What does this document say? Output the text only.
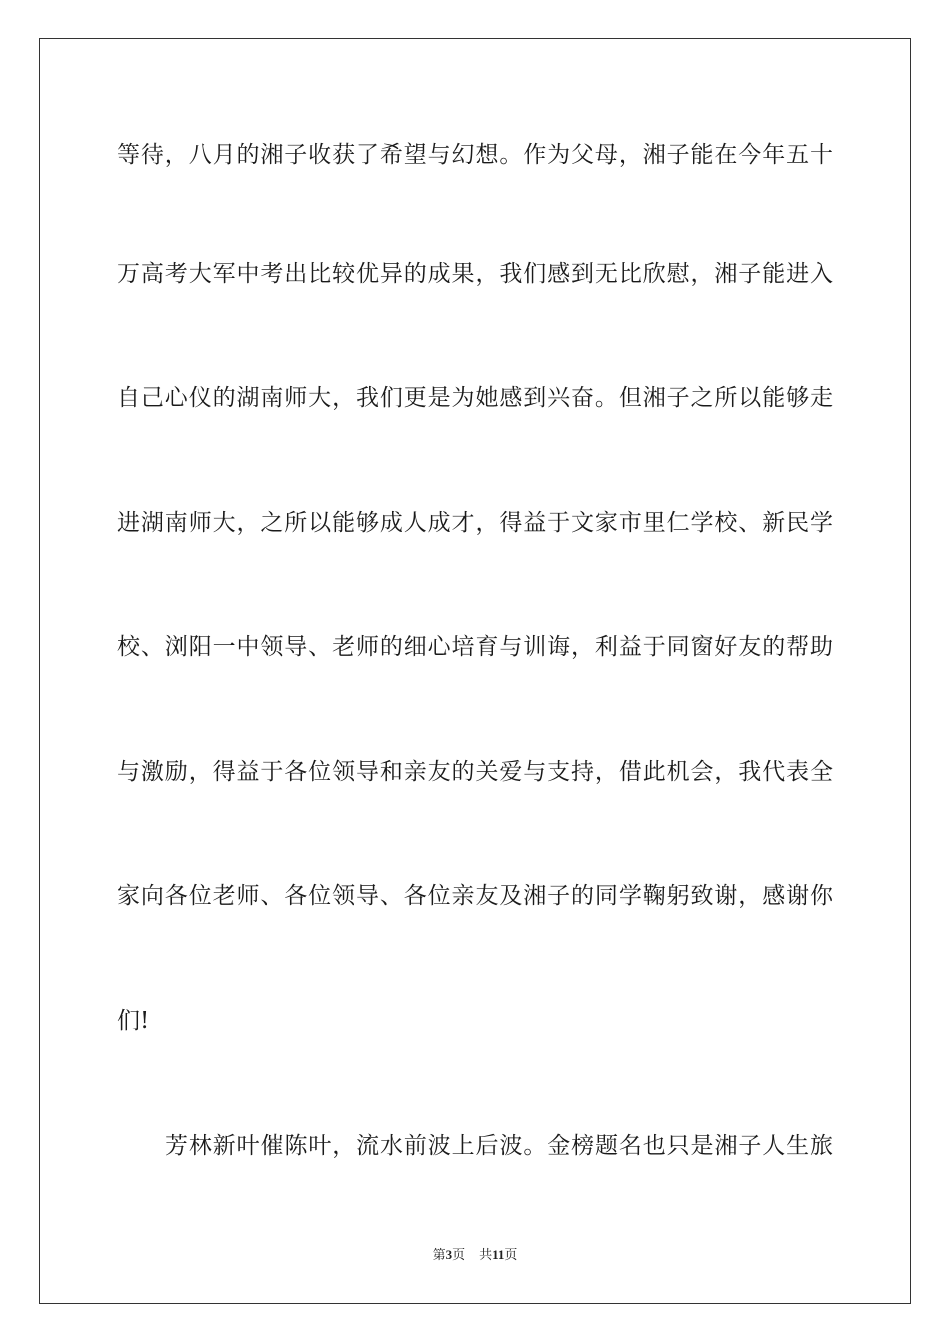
等待，八月的湘子收获了希望与幻想。作为父母，湘子能在今年五十
万高考大军中考出比较优异的成果，我们感到无比欣慰，湘子能进入
自己心仪的湖南师大，我们更是为她感到兴奋。但湘子之所以能够走
进湖南师大，之所以能够成人成才，得益于文家市里仁学校、新民学
校、浏阳一中领导、老师的细心培育与训诲，利益于同窗好友的帮助
与激励，得益于各位领导和亲友的关爱与支持，借此机会，我代表全
家向各位老师、各位领导、各位亲友及湘子的同学鞠躬致谢，感谢你
们!
芳林新叶催陈叶，流水前波上后波。金榜题名也只是湘子人生旅
第3页 共11页
